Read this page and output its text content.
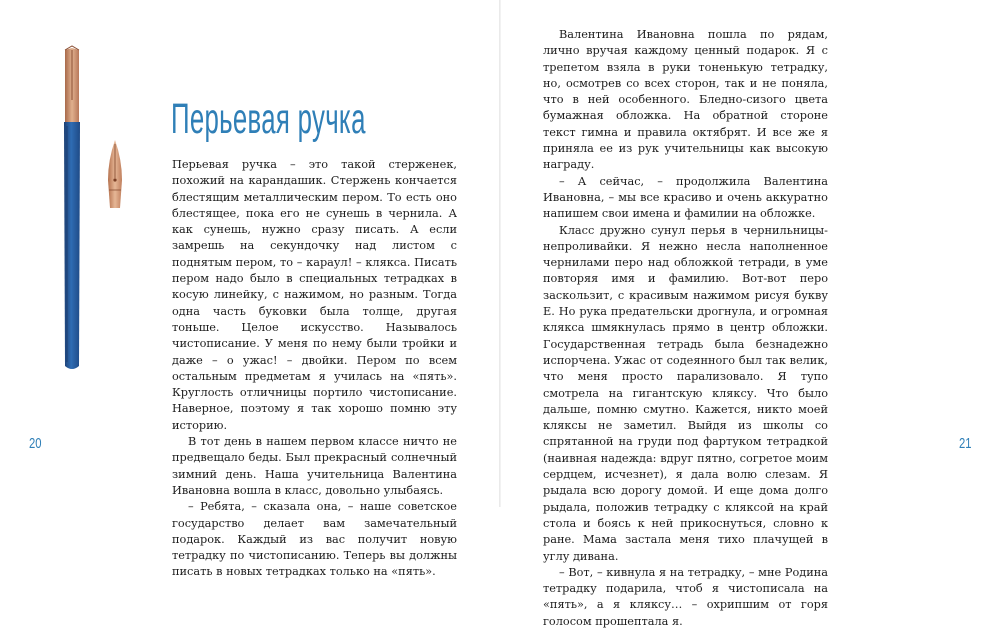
Перьевая ручка

Перьевая ручка – это такой стерженек, похожий на карандашик. Стержень кончается блестящим металлическим пером. То есть оно блестящее, пока его не сунешь в чернила. А как сунешь, нужно сразу писать. А если замрешь на секундочку над листом с поднятым пером, то – караул! – клякса. Писать пером надо было в специальных тетрадках в косую линейку, с нажимом, но разным. Тогда одна часть буковки была толще, другая тоньше. Целое искусство. Называлось чистописание. У меня по нему были тройки и даже – о ужас! – двойки. Пером по всем остальным предметам я училась на «пять». Круглость отличницы портило чистописание. Наверное, поэтому я так хорошо помню эту историю.

В тот день в нашем первом классе ничто не предвещало беды. Был прекрасный солнечный зимний день. Наша учительница Валентина Ивановна вошла в класс, довольно улыбаясь.

– Ребята, – сказала она, – наше советское государство делает вам замечательный подарок. Каждый из вас получит новую тетрадку по чистописанию. Теперь вы должны писать в новых тетрадках только на «пять».

Валентина Ивановна пошла по рядам, лично вручая каждому ценный подарок. Я с трепетом взяла в руки тоненькую тетрадку, но, осмотрев со всех сторон, так и не поняла, что в ней особенного. Бледно-сизого цвета бумажная обложка. На обратной стороне текст гимна и правила октябрят. И все же я приняла ее из рук учительницы как высокую награду.

– А сейчас, – продолжила Валентина Ивановна, – мы все красиво и очень аккуратно напишем свои имена и фамилии на обложке.

Класс дружно сунул перья в чернильницы-непроливайки. Я нежно несла наполненное чернилами перо над обложкой тетради, в уме повторяя имя и фамилию. Вот-вот перо заскользит, с красивым нажимом рисуя букву Е. Но рука предательски дрогнула, и огромная клякса шмякнулась прямо в центр обложки. Государственная тетрадь была безнадежно испорчена. Ужас от содеянного был так велик, что меня просто парализовало. Я тупо смотрела на гигантскую кляксу. Что было дальше, помню смутно. Кажется, никто моей кляксы не заметил. Выйдя из школы со спрятанной на груди под фартуком тетрадкой (наивная надежда: вдруг пятно, согретое моим сердцем, исчезнет), я дала волю слезам. Я рыдала всю дорогу домой. И еще дома долго рыдала, положив тетрадку с кляксой на край стола и боясь к ней прикоснуться, словно к ране. Мама застала меня тихо плачущей в углу дивана.

– Вот, – кивнула я на тетрадку, – мне Родина тетрадку подарила, чтоб я чистописала на «пять», а я кляксу… – охрипшим от горя голосом прошептала я.

20	21
